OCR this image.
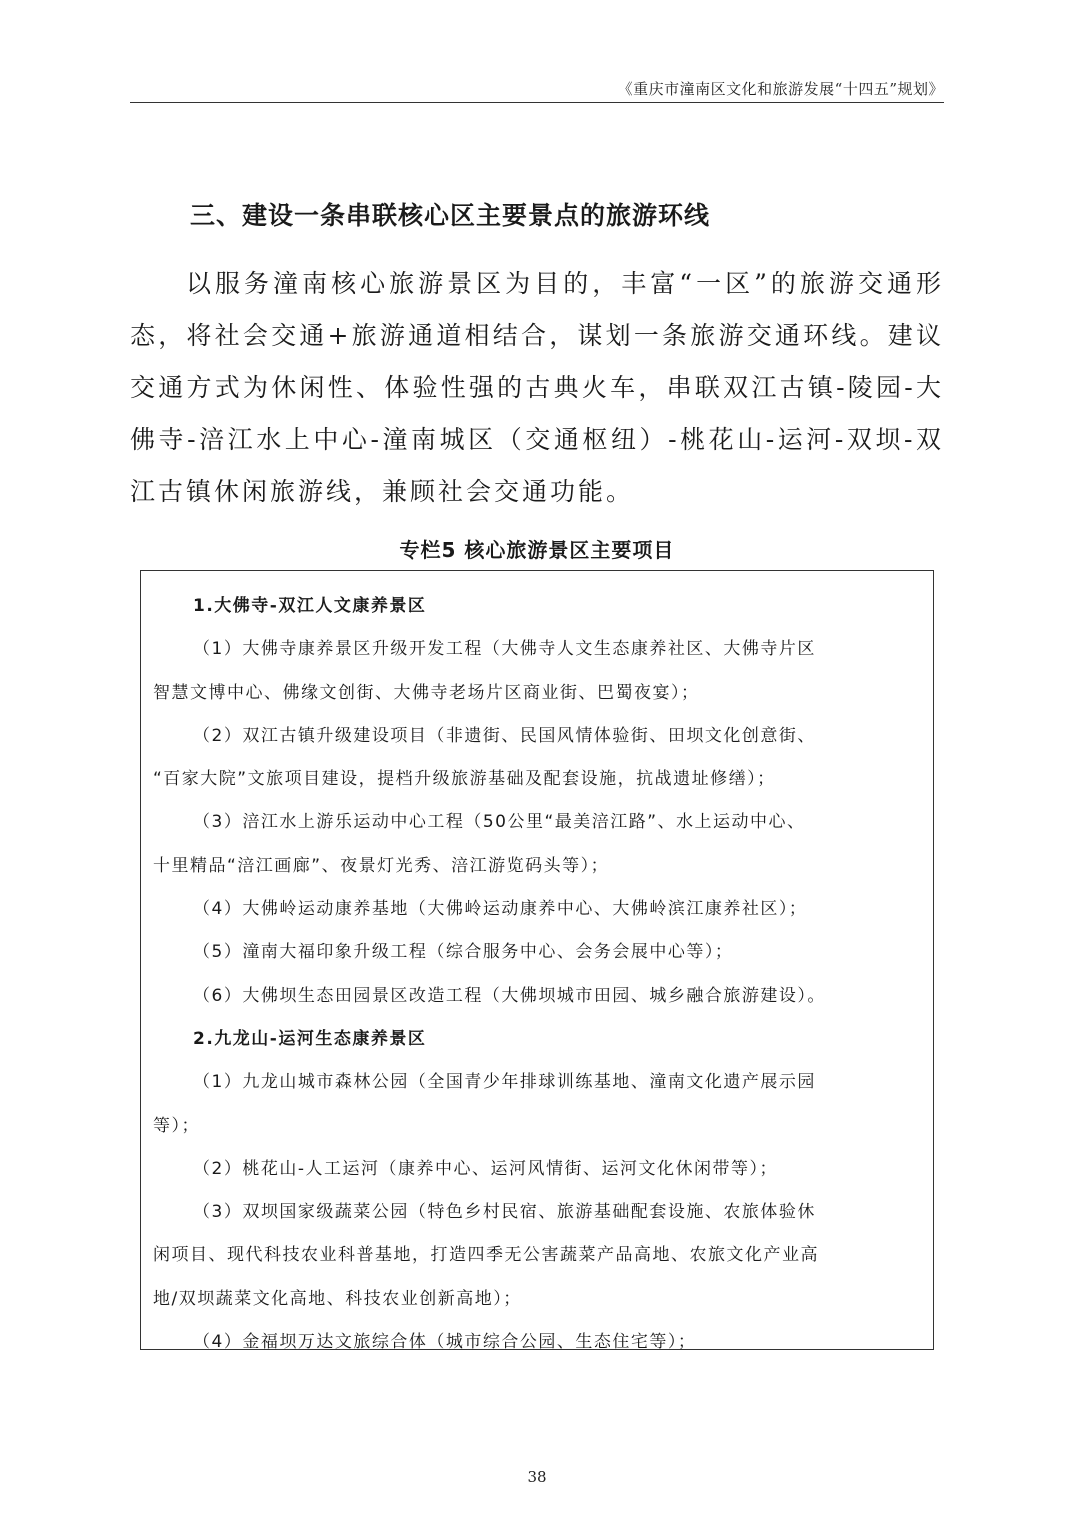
《重庆市潼南区文化和旅游发展“十四五”规划》
三、建设一条串联核心区主要景点的旅游环线

以服务潼南核心旅游景区为目的，丰富“一区”的旅游交通形态，将社会交通+旅游通道相结合，谋划一条旅游交通环线。建议交通方式为休闲性、体验性强的古典火车，串联双江古镇-陵园-大佛寺-涪江水上中心-潼南城区（交通枢纽）-桃花山-运河-双坝-双江古镇休闲旅游线，兼顾社会交通功能。

专栏5 核心旅游景区主要项目

1.大佛寺-双江人文康养景区

（1）大佛寺康养景区升级开发工程（大佛寺人文生态康养社区、大佛寺片区

智慧文博中心、佛缘文创街、大佛寺老场片区商业街、巴蜀夜宴）；

（2）双江古镇升级建设项目（非遗街、民国风情体验街、田坝文化创意街、

“百家大院”文旅项目建设，提档升级旅游基础及配套设施，抗战遗址修缮）；

（3）涪江水上游乐运动中心工程（50公里“最美涪江路”、水上运动中心、

十里精品“涪江画廊”、夜景灯光秀、涪江游览码头等）；

（4）大佛岭运动康养基地（大佛岭运动康养中心、大佛岭滨江康养社区）；

（5）潼南大福印象升级工程（综合服务中心、会务会展中心等）；

（6）大佛坝生态田园景区改造工程（大佛坝城市田园、城乡融合旅游建设）。

2.九龙山-运河生态康养景区

（1）九龙山城市森林公园（全国青少年排球训练基地、潼南文化遗产展示园

等）；

（2）桃花山-人工运河（康养中心、运河风情街、运河文化休闲带等）；

（3）双坝国家级蔬菜公园（特色乡村民宿、旅游基础配套设施、农旅体验休

闲项目、现代科技农业科普基地，打造四季无公害蔬菜产品高地、农旅文化产业高

地/双坝蔬菜文化高地、科技农业创新高地）；

（4）金福坝万达文旅综合体（城市综合公园、生态住宅等）；

38
